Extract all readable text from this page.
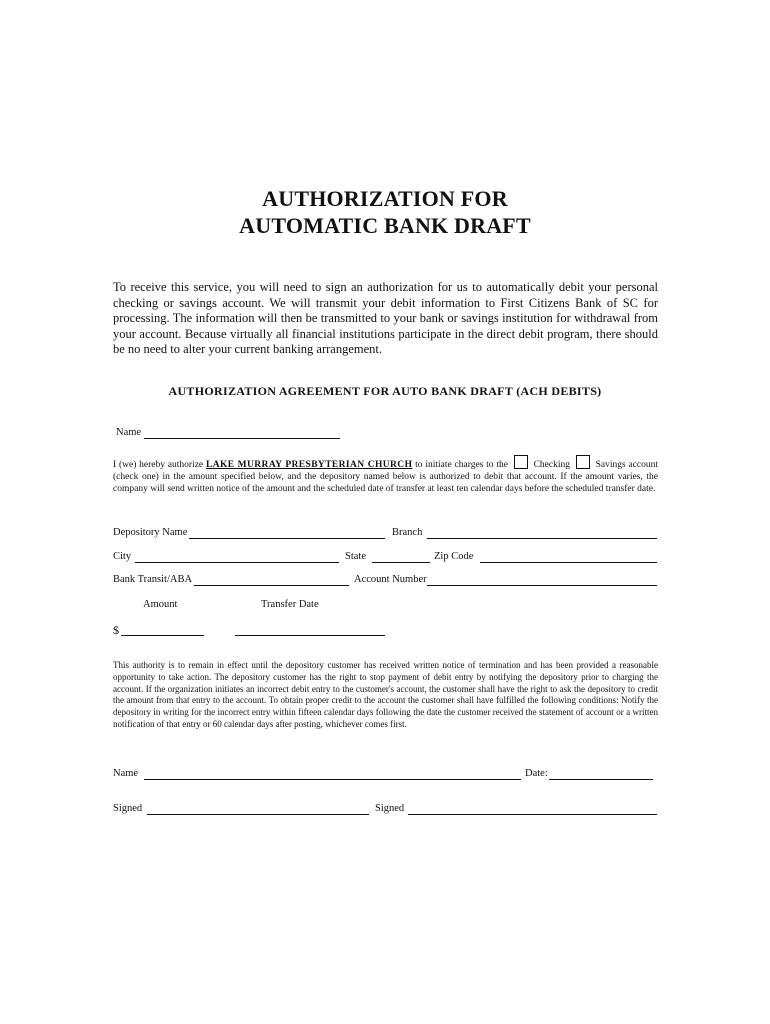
AUTHORIZATION FOR
AUTOMATIC BANK DRAFT
To receive this service, you will need to sign an authorization for us to automatically debit your personal checking or savings account. We will transmit your debit information to First Citizens Bank of SC for processing. The information will then be transmitted to your bank or savings institution for withdrawal from your account. Because virtually all financial institutions participate in the direct debit program, there should be no need to alter your current banking arrangement.
AUTHORIZATION AGREEMENT FOR AUTO BANK DRAFT (ACH DEBITS)
Name
I (we) hereby authorize LAKE MURRAY PRESBYTERIAN CHURCH to initiate charges to the	Checking	Savings account (check one) in the amount specified below, and the depository named below is authorized to debit that account. If the amount varies, the company will send written notice of the amount and the scheduled date of transfer at least ten calendar days before the scheduled transfer date.
Depository Name	Branch
City	State	Zip Code
Bank Transit/ABA	Account Number
Amount	Transfer Date
$
This authority is to remain in effect until the depository customer has received written notice of termination and has been provided a reasonable opportunity to take action. The depository customer has the right to stop payment of debit entry by notifying the depository prior to charging the account. If the organization initiates an incorrect debit entry to the customer's account, the customer shall have the right to ask the depository to credit the amount from that entry to the account. To obtain proper credit to the account the customer shall have fulfilled the following conditions: Notify the depository in writing for the incorrect entry within fifteen calendar days following the date the customer received the statement of account or a written notification of that entry or 60 calendar days after posting, whichever comes first.
Name	Date:
Signed	Signed
